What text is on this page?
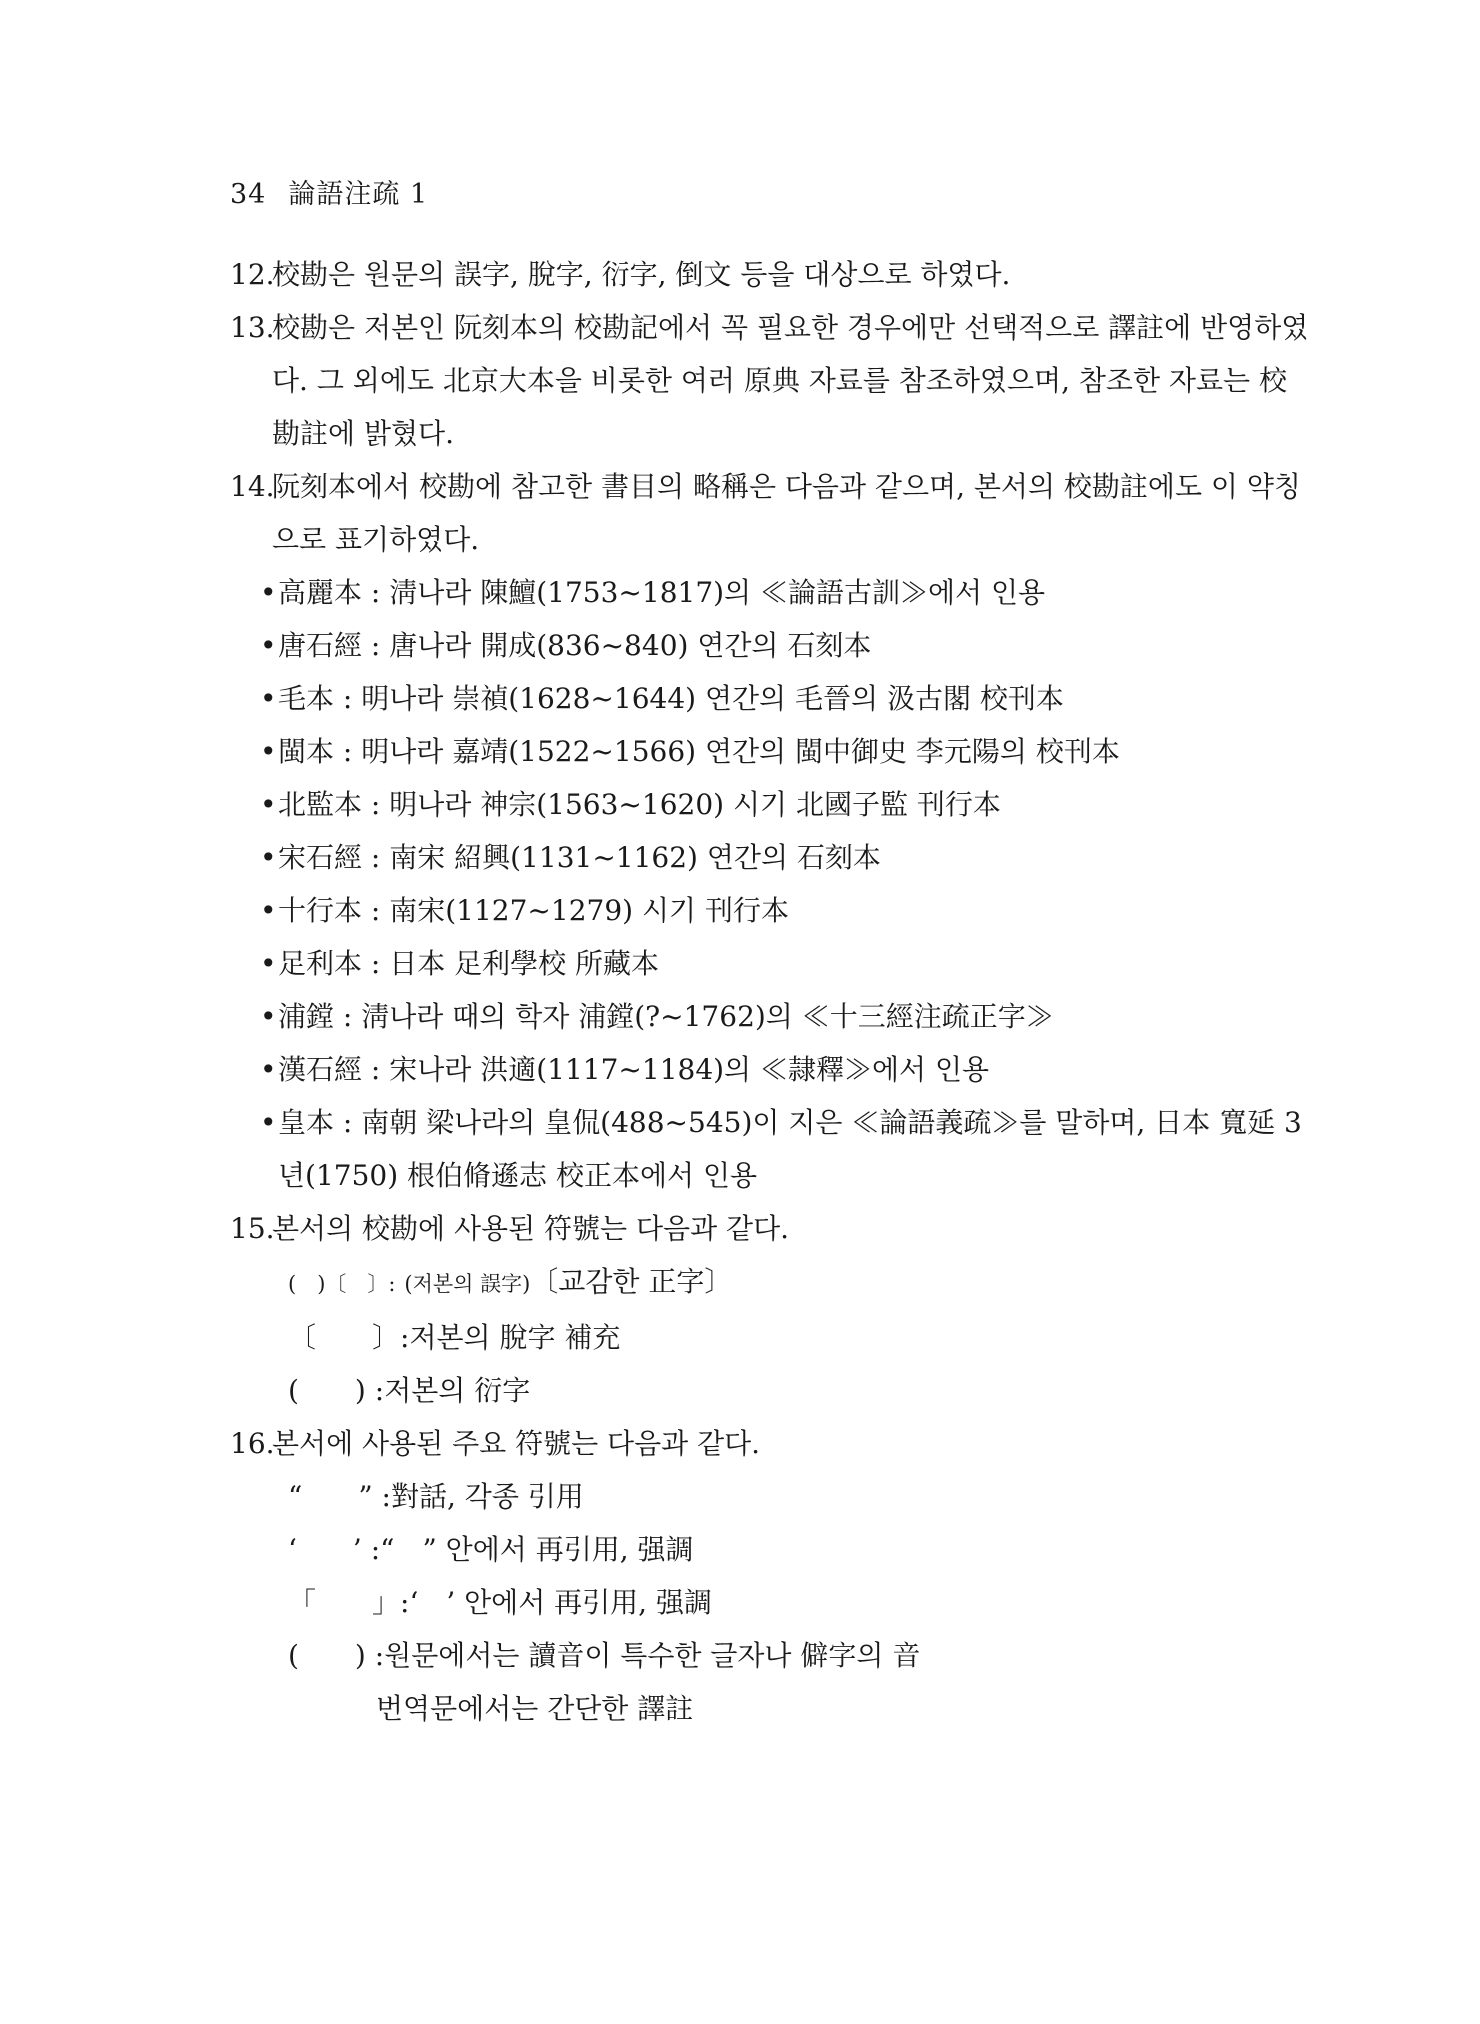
34 論語注疏 1
12.
校勘은 원문의 誤字, 脫字, 衍字, 倒文 등을 대상으로 하였다.
13.
校勘은 저본인 阮刻本의 校勘記에서 꼭 필요한 경우에만 선택적으로 譯註에 반영하였다. 그 외에도 北京大本을 비롯한 여러 原典 자료를 참조하였으며, 참조한 자료는 校勘註에 밝혔다.
14.
阮刻本에서 校勘에 참고한 書目의 略稱은 다음과 같으며, 본서의 校勘註에도 이 약칭으로 표기하였다.
• 高麗本 : 淸나라 陳鱣(1753~1817)의 ≪論語古訓≫에서 인용
• 唐石經 : 唐나라 開成(836~840) 연간의 石刻本
• 毛本 : 明나라 崇禎(1628~1644) 연간의 毛晉의 汲古閣 校刊本
• 閩本 : 明나라 嘉靖(1522~1566) 연간의 閩中御史 李元陽의 校刊本
• 北監本 : 明나라 神宗(1563~1620) 시기 北國子監 刊行本
• 宋石經 : 南宋 紹興(1131~1162) 연간의 石刻本
• 十行本 : 南宋(1127~1279) 시기 刊行本
• 足利本 : 日本 足利學校 所藏本
• 浦鏜 : 淸나라 때의 학자 浦鏜(?~1762)의 ≪十三經注疏正字≫
• 漢石經 : 宋나라 洪適(1117~1184)의 ≪隷釋≫에서 인용
• 皇本 : 南朝 梁나라의 皇侃(488~545)이 지은 ≪論語義疏≫를 말하며, 日本 寬延 3년(1750) 根伯脩遜志 校正本에서 인용
15.
본서의 校勘에 사용된 符號는 다음과 같다.
(　)〔　〕: (저본의 誤字)〔교감한 正字〕
〔　　〕:저본의 脫字 補充
(　　) :저본의 衍字
16.
본서에 사용된 주요 符號는 다음과 같다.
“　　” :對話, 각종 引用
‘　　’ :“　” 안에서 再引用, 强調
「　　」:‘　’ 안에서 再引用, 强調
(　　) :원문에서는 讀音이 특수한 글자나 僻字의 音
번역문에서는 간단한 譯註
